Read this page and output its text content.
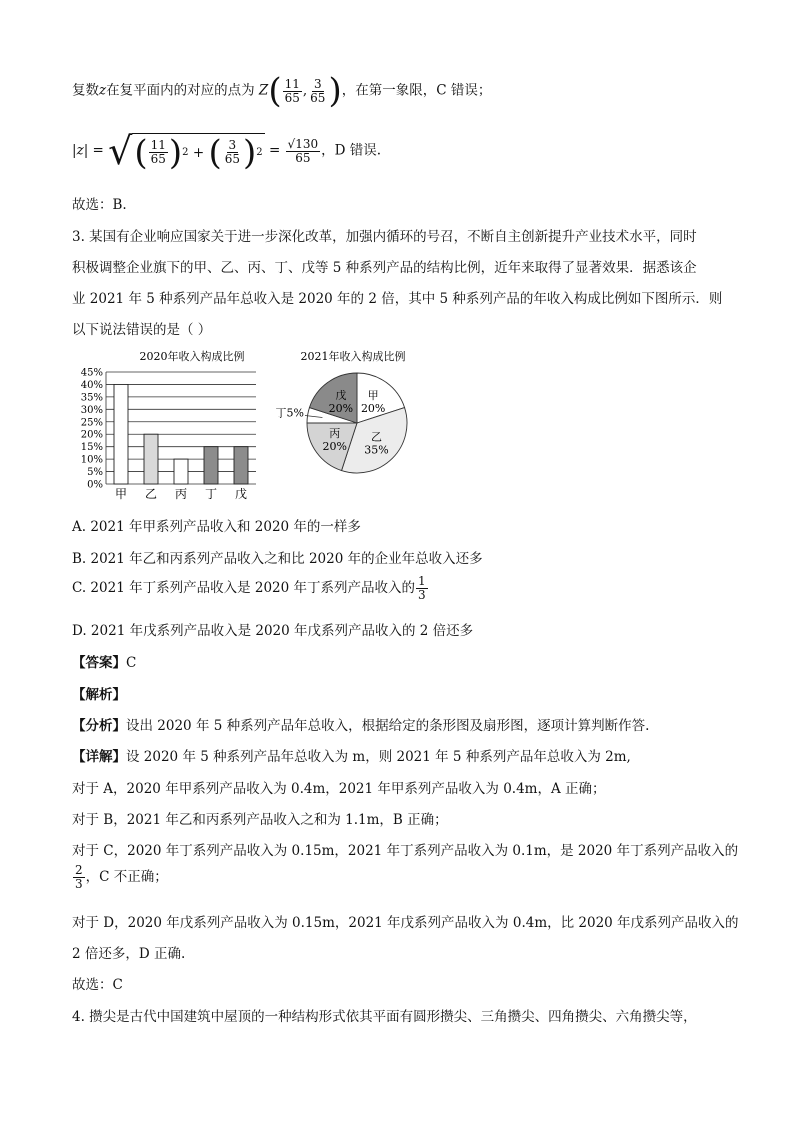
复数z在复平面内的对应的点为 $Z( \frac{11}{65}$ , $\frac{3}{65}$ )，在第一象限，C 错误；
|z| = √ ( $\frac{11}{65}$ ) 2 + ( $\frac{3}{65}$ ) $2 = \frac{√130}{65}$ ，D 错误.
故选：B.
3. 某国有企业响应国家关于进一步深化改革，加强内循环的号召，不断自主创新提升产业技术水平，同时
积极调整企业旗下的甲、乙、丙、丁、戊等 5 种系列产品的结构比例，近年来取得了显著效果．据悉该企
业 2021 年 5 种系列产品年总收入是 2020 年的 2 倍，其中 5 种系列产品的年收入构成比例如下图所示．则
以下说法错误的是（ ）
2020年收入构成比例
0%
5%
10%
15%
20%
25%
30%
35%
40%
45%
甲 乙 丙 丁 戊
2021年收入构成比例
甲
20%
乙
35%
丙
20%
丁5%
戊
20%
A. 2021 年甲系列产品收入和 2020 年的一样多
B. 2021 年乙和丙系列产品收入之和比 2020 年的企业年总收入还多
C. 2021 年丁系列产品收入是 2020 年丁系列产品收入的 $\frac{1}{3}$
D. 2021 年戊系列产品收入是 2020 年戊系列产品收入的 2 倍还多
【答案】C
【解析】
【分析】设出 2020 年 5 种系列产品年总收入，根据给定的条形图及扇形图，逐项计算判断作答.
【详解】设 2020 年 5 种系列产品年总收入为 m，则 2021 年 5 种系列产品年总收入为 2m,
对于 A，2020 年甲系列产品收入为 0.4m，2021 年甲系列产品收入为 0.4m，A 正确；
对于 B，2021 年乙和丙系列产品收入之和为 1.1m，B 正确；
对于 C，2020 年丁系列产品收入为 0.15m，2021 年丁系列产品收入为 0.1m，是 2020 年丁系列产品收入的
$\frac{2}{3}$ ，C 不正确；
对于 D，2020 年戊系列产品收入为 0.15m，2021 年戊系列产品收入为 0.4m，比 2020 年戊系列产品收入的
2 倍还多，D 正确.
故选：C
4. 攒尖是古代中国建筑中屋顶的一种结构形式依其平面有圆形攒尖、三角攒尖、四角攒尖、六角攒尖等，
